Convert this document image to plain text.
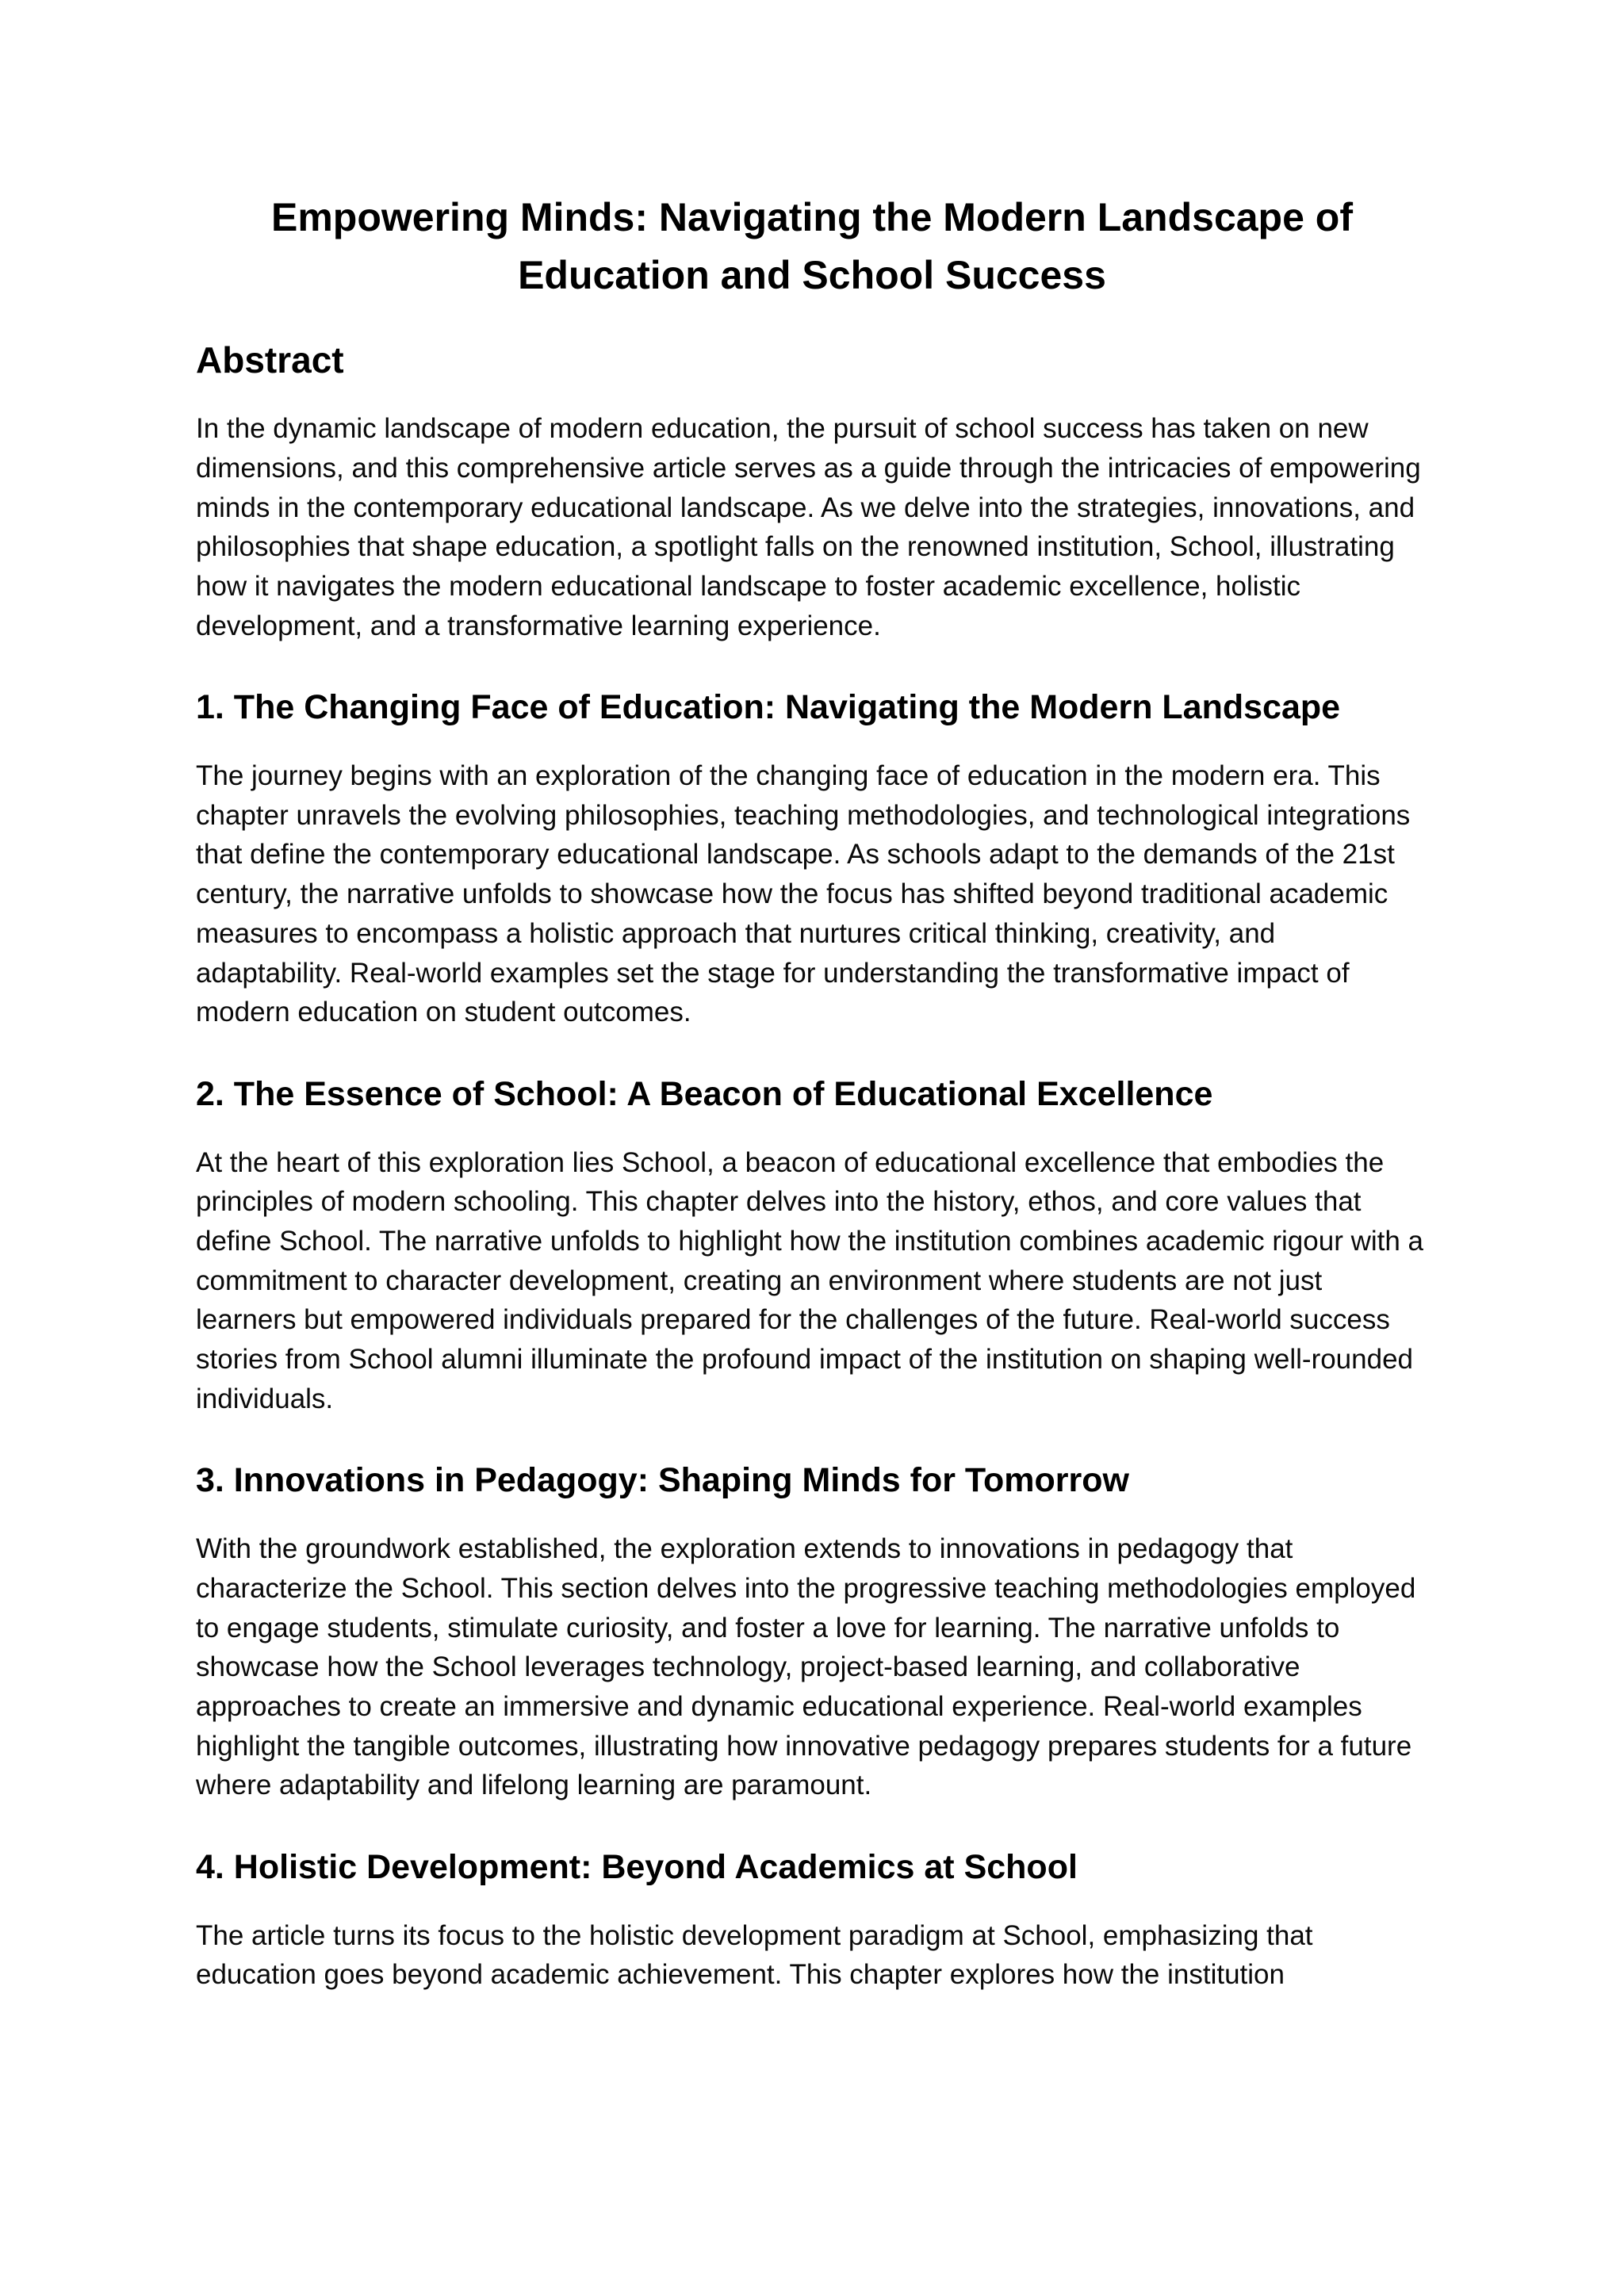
Empowering Minds: Navigating the Modern Landscape of Education and School Success
Abstract

In the dynamic landscape of modern education, the pursuit of school success has taken on new dimensions, and this comprehensive article serves as a guide through the intricacies of empowering minds in the contemporary educational landscape. As we delve into the strategies, innovations, and philosophies that shape education, a spotlight falls on the renowned institution, School, illustrating how it navigates the modern educational landscape to foster academic excellence, holistic development, and a transformative learning experience.

1. The Changing Face of Education: Navigating the Modern Landscape

The journey begins with an exploration of the changing face of education in the modern era. This chapter unravels the evolving philosophies, teaching methodologies, and technological integrations that define the contemporary educational landscape. As schools adapt to the demands of the 21st century, the narrative unfolds to showcase how the focus has shifted beyond traditional academic measures to encompass a holistic approach that nurtures critical thinking, creativity, and adaptability. Real-world examples set the stage for understanding the transformative impact of modern education on student outcomes.

2. The Essence of School: A Beacon of Educational Excellence

At the heart of this exploration lies School, a beacon of educational excellence that embodies the principles of modern schooling. This chapter delves into the history, ethos, and core values that define School. The narrative unfolds to highlight how the institution combines academic rigour with a commitment to character development, creating an environment where students are not just learners but empowered individuals prepared for the challenges of the future. Real-world success stories from School alumni illuminate the profound impact of the institution on shaping well-rounded individuals.

3. Innovations in Pedagogy: Shaping Minds for Tomorrow

With the groundwork established, the exploration extends to innovations in pedagogy that characterize the School. This section delves into the progressive teaching methodologies employed to engage students, stimulate curiosity, and foster a love for learning. The narrative unfolds to showcase how the School leverages technology, project-based learning, and collaborative approaches to create an immersive and dynamic educational experience. Real-world examples highlight the tangible outcomes, illustrating how innovative pedagogy prepares students for a future where adaptability and lifelong learning are paramount.

4. Holistic Development: Beyond Academics at School

The article turns its focus to the holistic development paradigm at School, emphasizing that education goes beyond academic achievement. This chapter explores how the institution
